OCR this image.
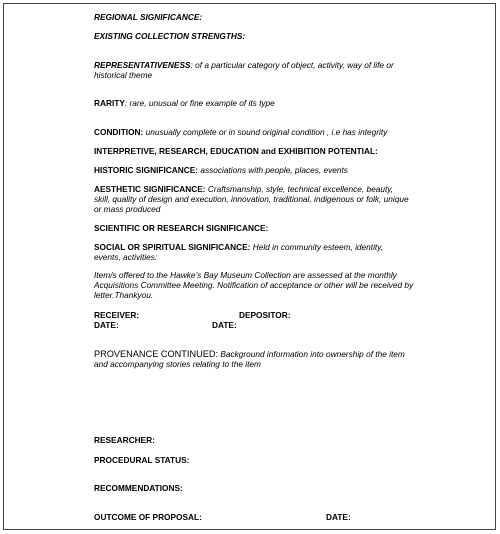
REGIONAL SIGNIFICANCE:
EXISTING COLLECTION STRENGTHS:
REPRESENTATIVENESS: of a particular category of object, activity, way of life or historical theme
RARITY: rare, unusual or fine example of its type
CONDITION: unusually complete or in sound original condition , i.e has integrity
INTERPRETIVE, RESEARCH, EDUCATION and EXHIBITION POTENTIAL:
HISTORIC SIGNIFICANCE: associations with people, places, events
AESTHETIC SIGNIFICANCE: Craftsmanship, style, technical excellence, beauty, skill, quality of design and execution, innovation, traditional, indigenous or folk, unique or mass produced
SCIENTIFIC OR RESEARCH SIGNIFICANCE:
SOCIAL OR SPIRITUAL SIGNIFICANCE: Held in community esteem, identity, events, activities:
Item/s offered to the Hawke’s Bay Museum Collection are assessed at the monthly Acquisitions Committee Meeting. Notification of acceptance or other will be received by letter.Thankyou.
RECEIVER:	DEPOSITOR:
DATE:	DATE:
PROVENANCE CONTINUED: Background information into ownership of the item and accompanying stories relating to the item
RESEARCHER:
PROCEDURAL STATUS:
RECOMMENDATIONS:
OUTCOME OF PROPOSAL:	DATE:
